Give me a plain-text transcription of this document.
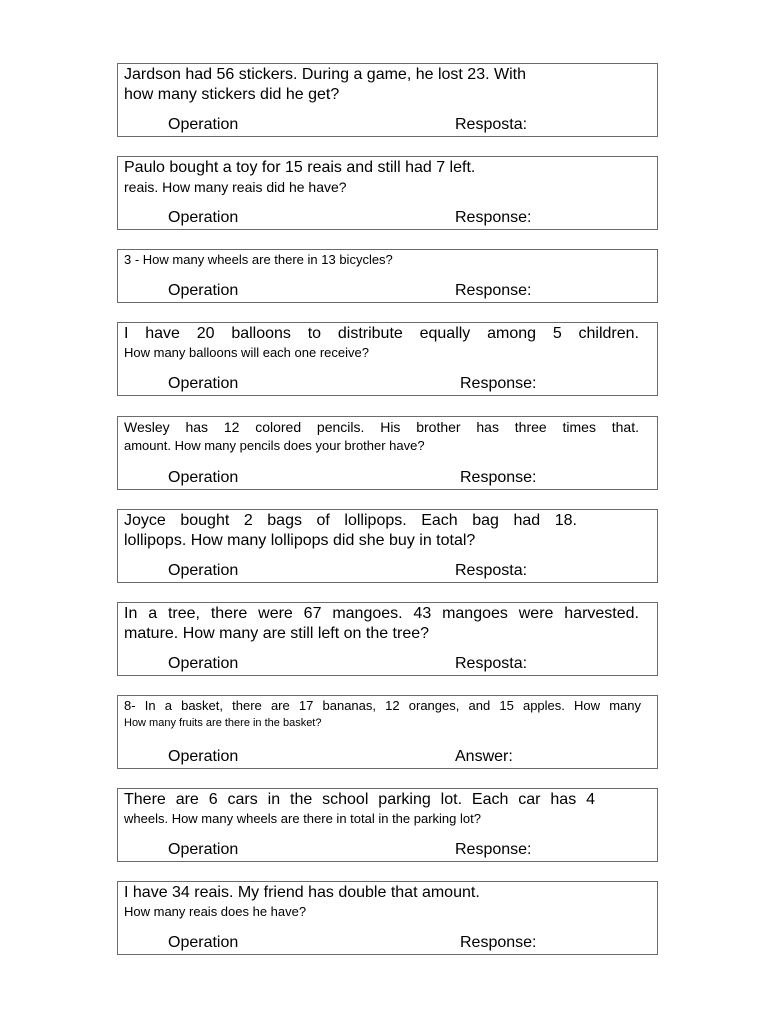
Jardson had 56 stickers. During a game, he lost 23. With
how many stickers did he get?
Operation	Resposta:
Paulo bought a toy for 15 reais and still had 7 left.
reais. How many reais did he have?
Operation	Response:
3 - How many wheels are there in 13 bicycles?
Operation	Response:
I have 20 balloons to distribute equally among 5 children.
How many balloons will each one receive?
Operation	Response:
Wesley has 12 colored pencils. His brother has three times that.
amount. How many pencils does your brother have?
Operation	Response:
Joyce bought 2 bags of lollipops. Each bag had 18.
lollipops. How many lollipops did she buy in total?
Operation	Resposta:
In a tree, there were 67 mangoes. 43 mangoes were harvested.
mature. How many are still left on the tree?
Operation	Resposta:
8- In a basket, there are 17 bananas, 12 oranges, and 15 apples. How many
How many fruits are there in the basket?
Operation	Answer:
There are 6 cars in the school parking lot. Each car has 4
wheels. How many wheels are there in total in the parking lot?
Operation	Response:
I have 34 reais. My friend has double that amount.
How many reais does he have?
Operation	Response:
